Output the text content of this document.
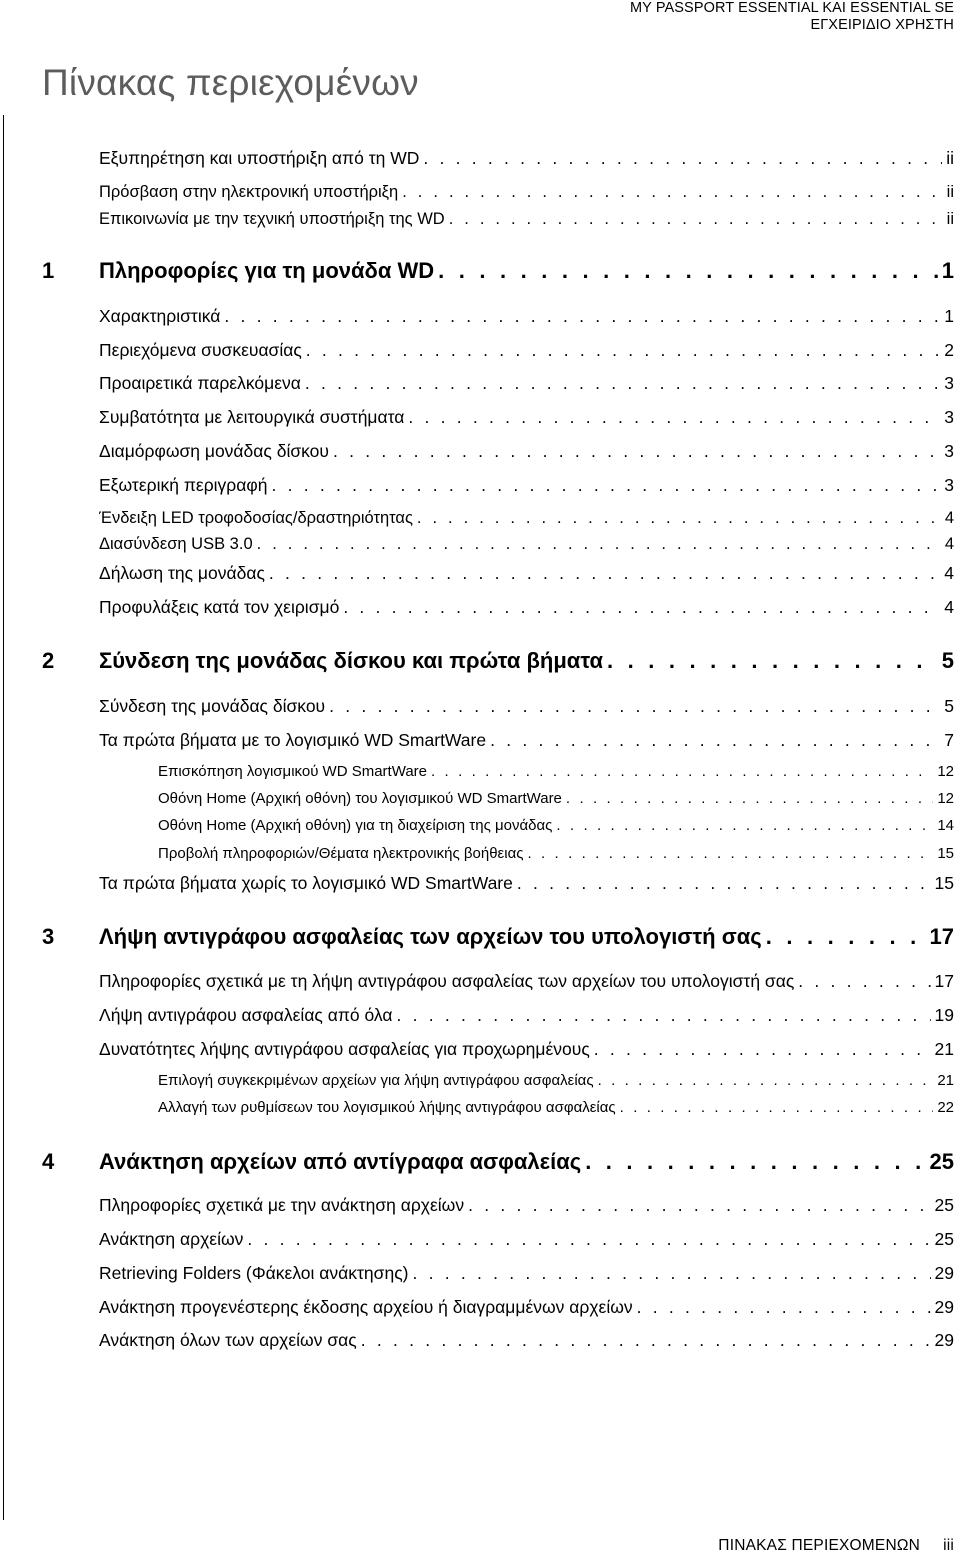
MY PASSPORT ESSENTIAL KAI ESSENTIAL SE
ΕΓΧΕΙΡΙΔΙΟ ΧΡΗΣΤΗ
Πίνακας περιεχομένων
Εξυπηρέτηση και υποστήριξη από τη WD . . .	ii
Πρόσβαση στην ηλεκτρονική υποστήριξη . . .	ii
Επικοινωνία με την τεχνική υποστήριξη της WD . . .	ii
1 Πληροφορίες για τη μονάδα WD . . .	1
Χαρακτηριστικά . . .	1
Περιεχόμενα συσκευασίας . . .	2
Προαιρετικά παρελκόμενα . . .	3
Συμβατότητα με λειτουργικά συστήματα . . .	3
Διαμόρφωση μονάδας δίσκου . . .	3
Εξωτερική περιγραφή . . .	3
Ένδειξη LED τροφοδοσίας/δραστηριότητας . . .	4
Διασύνδεση USB 3.0 . . .	4
Δήλωση της μονάδας . . .	4
Προφυλάξεις κατά τον χειρισμό . . .	4
2 Σύνδεση της μονάδας δίσκου και πρώτα βήματα . . .	5
Σύνδεση της μονάδας δίσκου . . .	5
Τα πρώτα βήματα με το λογισμικό WD SmartWare . . .	7
Επισκόπηση λογισμικού WD SmartWare . . .	12
Οθόνη Home (Αρχική οθόνη) του λογισμικού WD SmartWare . . .	12
Οθόνη Home (Αρχική οθόνη) για τη διαχείριση της μονάδας . . .	14
Προβολή πληροφοριών/Θέματα ηλεκτρονικής βοήθειας . . .	15
Τα πρώτα βήματα χωρίς το λογισμικό WD SmartWare . . .	15
3 Λήψη αντιγράφου ασφαλείας των αρχείων του υπολογιστή σας . . .	17
Πληροφορίες σχετικά με τη λήψη αντιγράφου ασφαλείας των αρχείων του υπολογιστή σας . . .	17
Λήψη αντιγράφου ασφαλείας από όλα . . .	19
Δυνατότητες λήψης αντιγράφου ασφαλείας για προχωρημένους . . .	21
Επιλογή συγκεκριμένων αρχείων για λήψη αντιγράφου ασφαλείας . . .	21
Αλλαγή των ρυθμίσεων του λογισμικού λήψης αντιγράφου ασφαλείας . . .	22
4 Ανάκτηση αρχείων από αντίγραφα ασφαλείας . . .	25
Πληροφορίες σχετικά με την ανάκτηση αρχείων . . .	25
Ανάκτηση αρχείων . . .	25
Retrieving Folders (Φάκελοι ανάκτησης) . . .	29
Ανάκτηση προγενέστερης έκδοσης αρχείου ή διαγραμμένων αρχείων . . .	29
Ανάκτηση όλων των αρχείων σας . . .	29
ΠΙΝΑΚΑΣ ΠΕΡΙΕΧΟΜΕΝΩΝ iii
